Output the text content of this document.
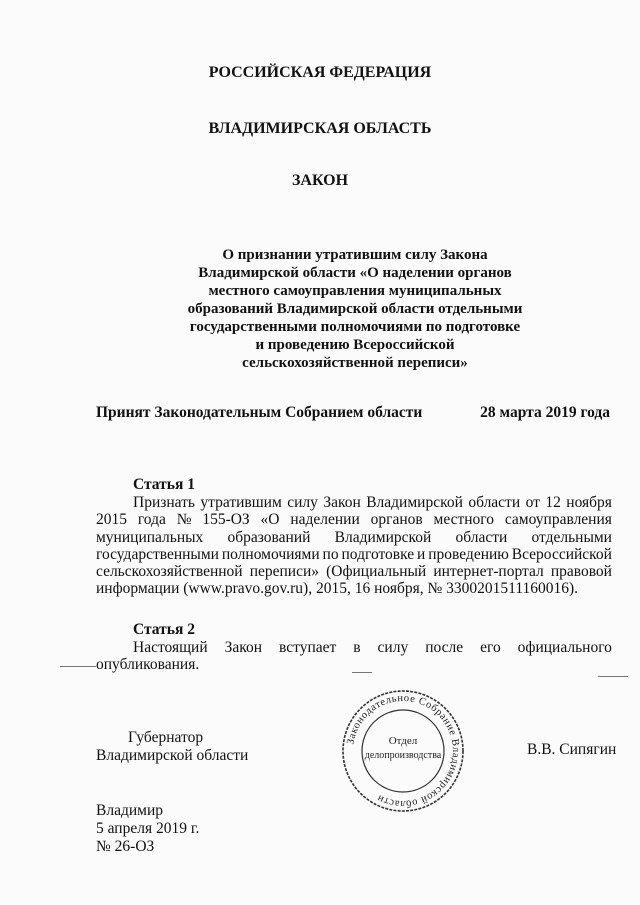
РОССИЙСКАЯ ФЕДЕРАЦИЯ
ВЛАДИМИРСКАЯ ОБЛАСТЬ
ЗАКОН
О признании утратившим силу Закона
Владимирской области «О наделении органов
местного самоуправления муниципальных
образований Владимирской области отдельными
государственными полномочиями по подготовке
и проведению Всероссийской
сельскохозяйственной переписи»
Принят Законодательным Собранием области	28 марта 2019 года
Статья 1
Признать утратившим силу Закон Владимирской области от 12 ноября
2015 года № 155-ОЗ «О наделении органов местного самоуправления
муниципальных образований Владимирской области отдельными
государственными полномочиями по подготовке и проведению Всероссийской
сельскохозяйственной переписи» (Официальный интернет-портал правовой
информации (www.pravo.gov.ru), 2015, 16 ноября, № 3300201511160016).
Статья 2
Настоящий Закон вступает в силу после его официального
опубликования.
Губернатор
Владимирской области	В.В. Сипягин
Законодательное Собрание Владимирской области
Отдел
делопроизводства
Владимир
5 апреля 2019 г.
№ 26-ОЗ
